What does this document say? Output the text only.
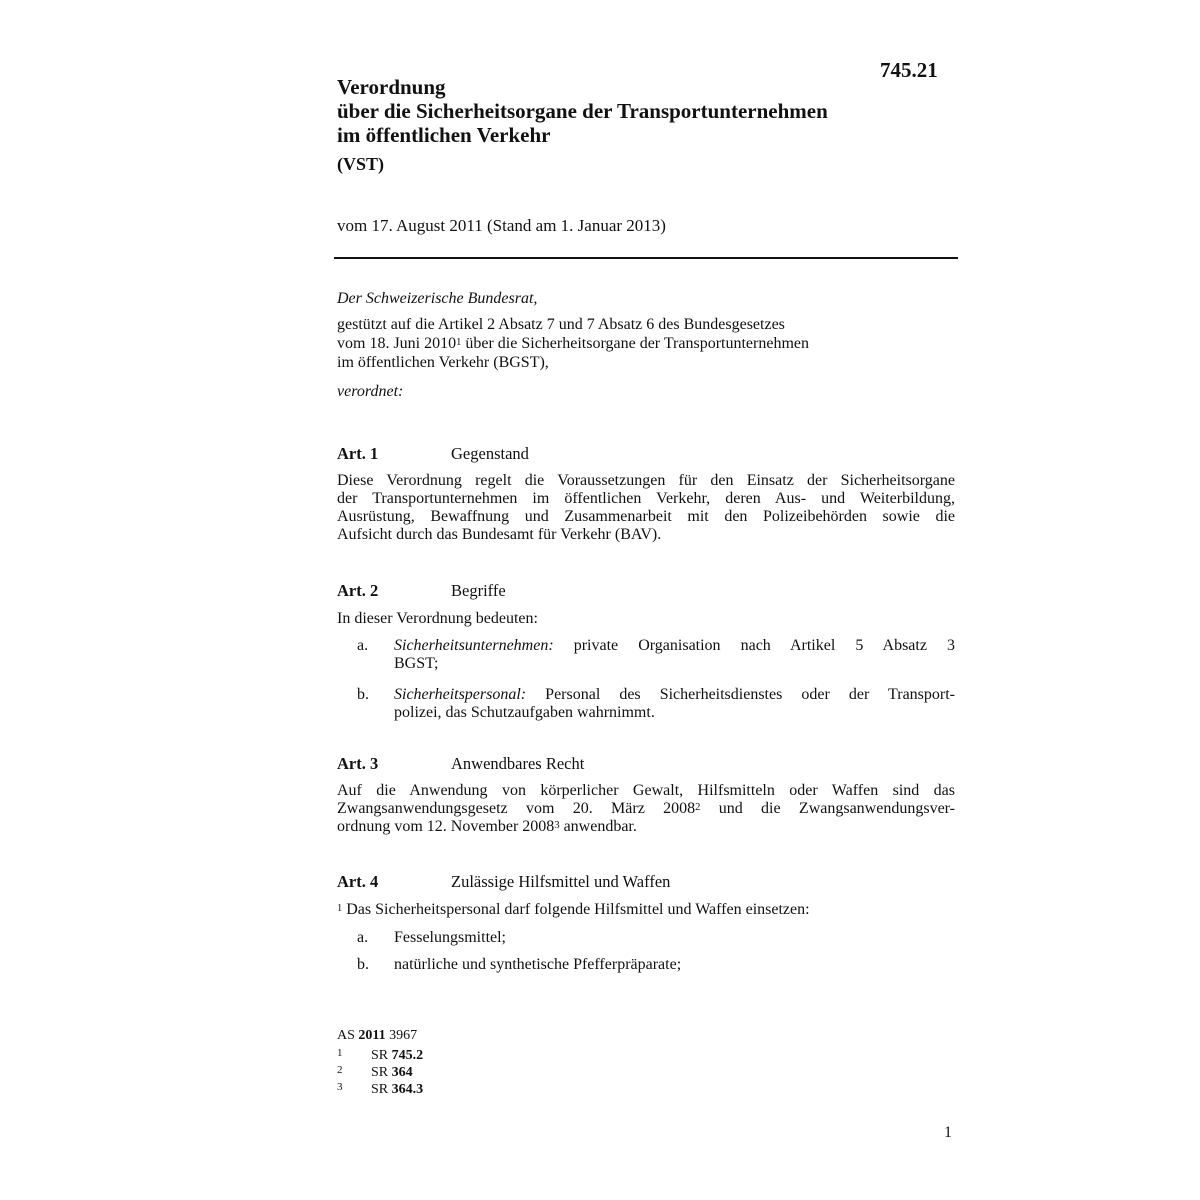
745.21
Verordnung
über die Sicherheitsorgane der Transportunternehmen
im öffentlichen Verkehr
(VST)
vom 17. August 2011 (Stand am 1. Januar 2013)
Der Schweizerische Bundesrat,
gestützt auf die Artikel 2 Absatz 7 und 7 Absatz 6 des Bundesgesetzes
vom 18. Juni 2010$^1$ über die Sicherheitsorgane der Transportunternehmen
im öffentlichen Verkehr (BGST),
verordnet:
Art. 1	Gegenstand
Diese Verordnung regelt die Voraussetzungen für den Einsatz der Sicherheitsorgane
der Transportunternehmen im öffentlichen Verkehr, deren Aus- und Weiterbildung,
Ausrüstung, Bewaffnung und Zusammenarbeit mit den Polizeibehörden sowie die
Aufsicht durch das Bundesamt für Verkehr (BAV).
Art. 2	Begriffe
In dieser Verordnung bedeuten:
a. Sicherheitsunternehmen: private Organisation nach Artikel 5 Absatz 3
BGST;
b. Sicherheitspersonal: Personal des Sicherheitsdienstes oder der Transport-
polizei, das Schutzaufgaben wahrnimmt.
Art. 3	Anwendbares Recht
Auf die Anwendung von körperlicher Gewalt, Hilfsmitteln oder Waffen sind das
Zwangsanwendungsgesetz vom 20. März 2008$^2$ und die Zwangsanwendungsver-
ordnung vom 12. November 2008$^3$ anwendbar.
Art. 4	Zulässige Hilfsmittel und Waffen
$^1$ Das Sicherheitspersonal darf folgende Hilfsmittel und Waffen einsetzen:
a. Fesselungsmittel;
b. natürliche und synthetische Pfefferpräparate;
AS 2011 3967
1 SR 745.2
2 SR 364
3 SR 364.3
1
